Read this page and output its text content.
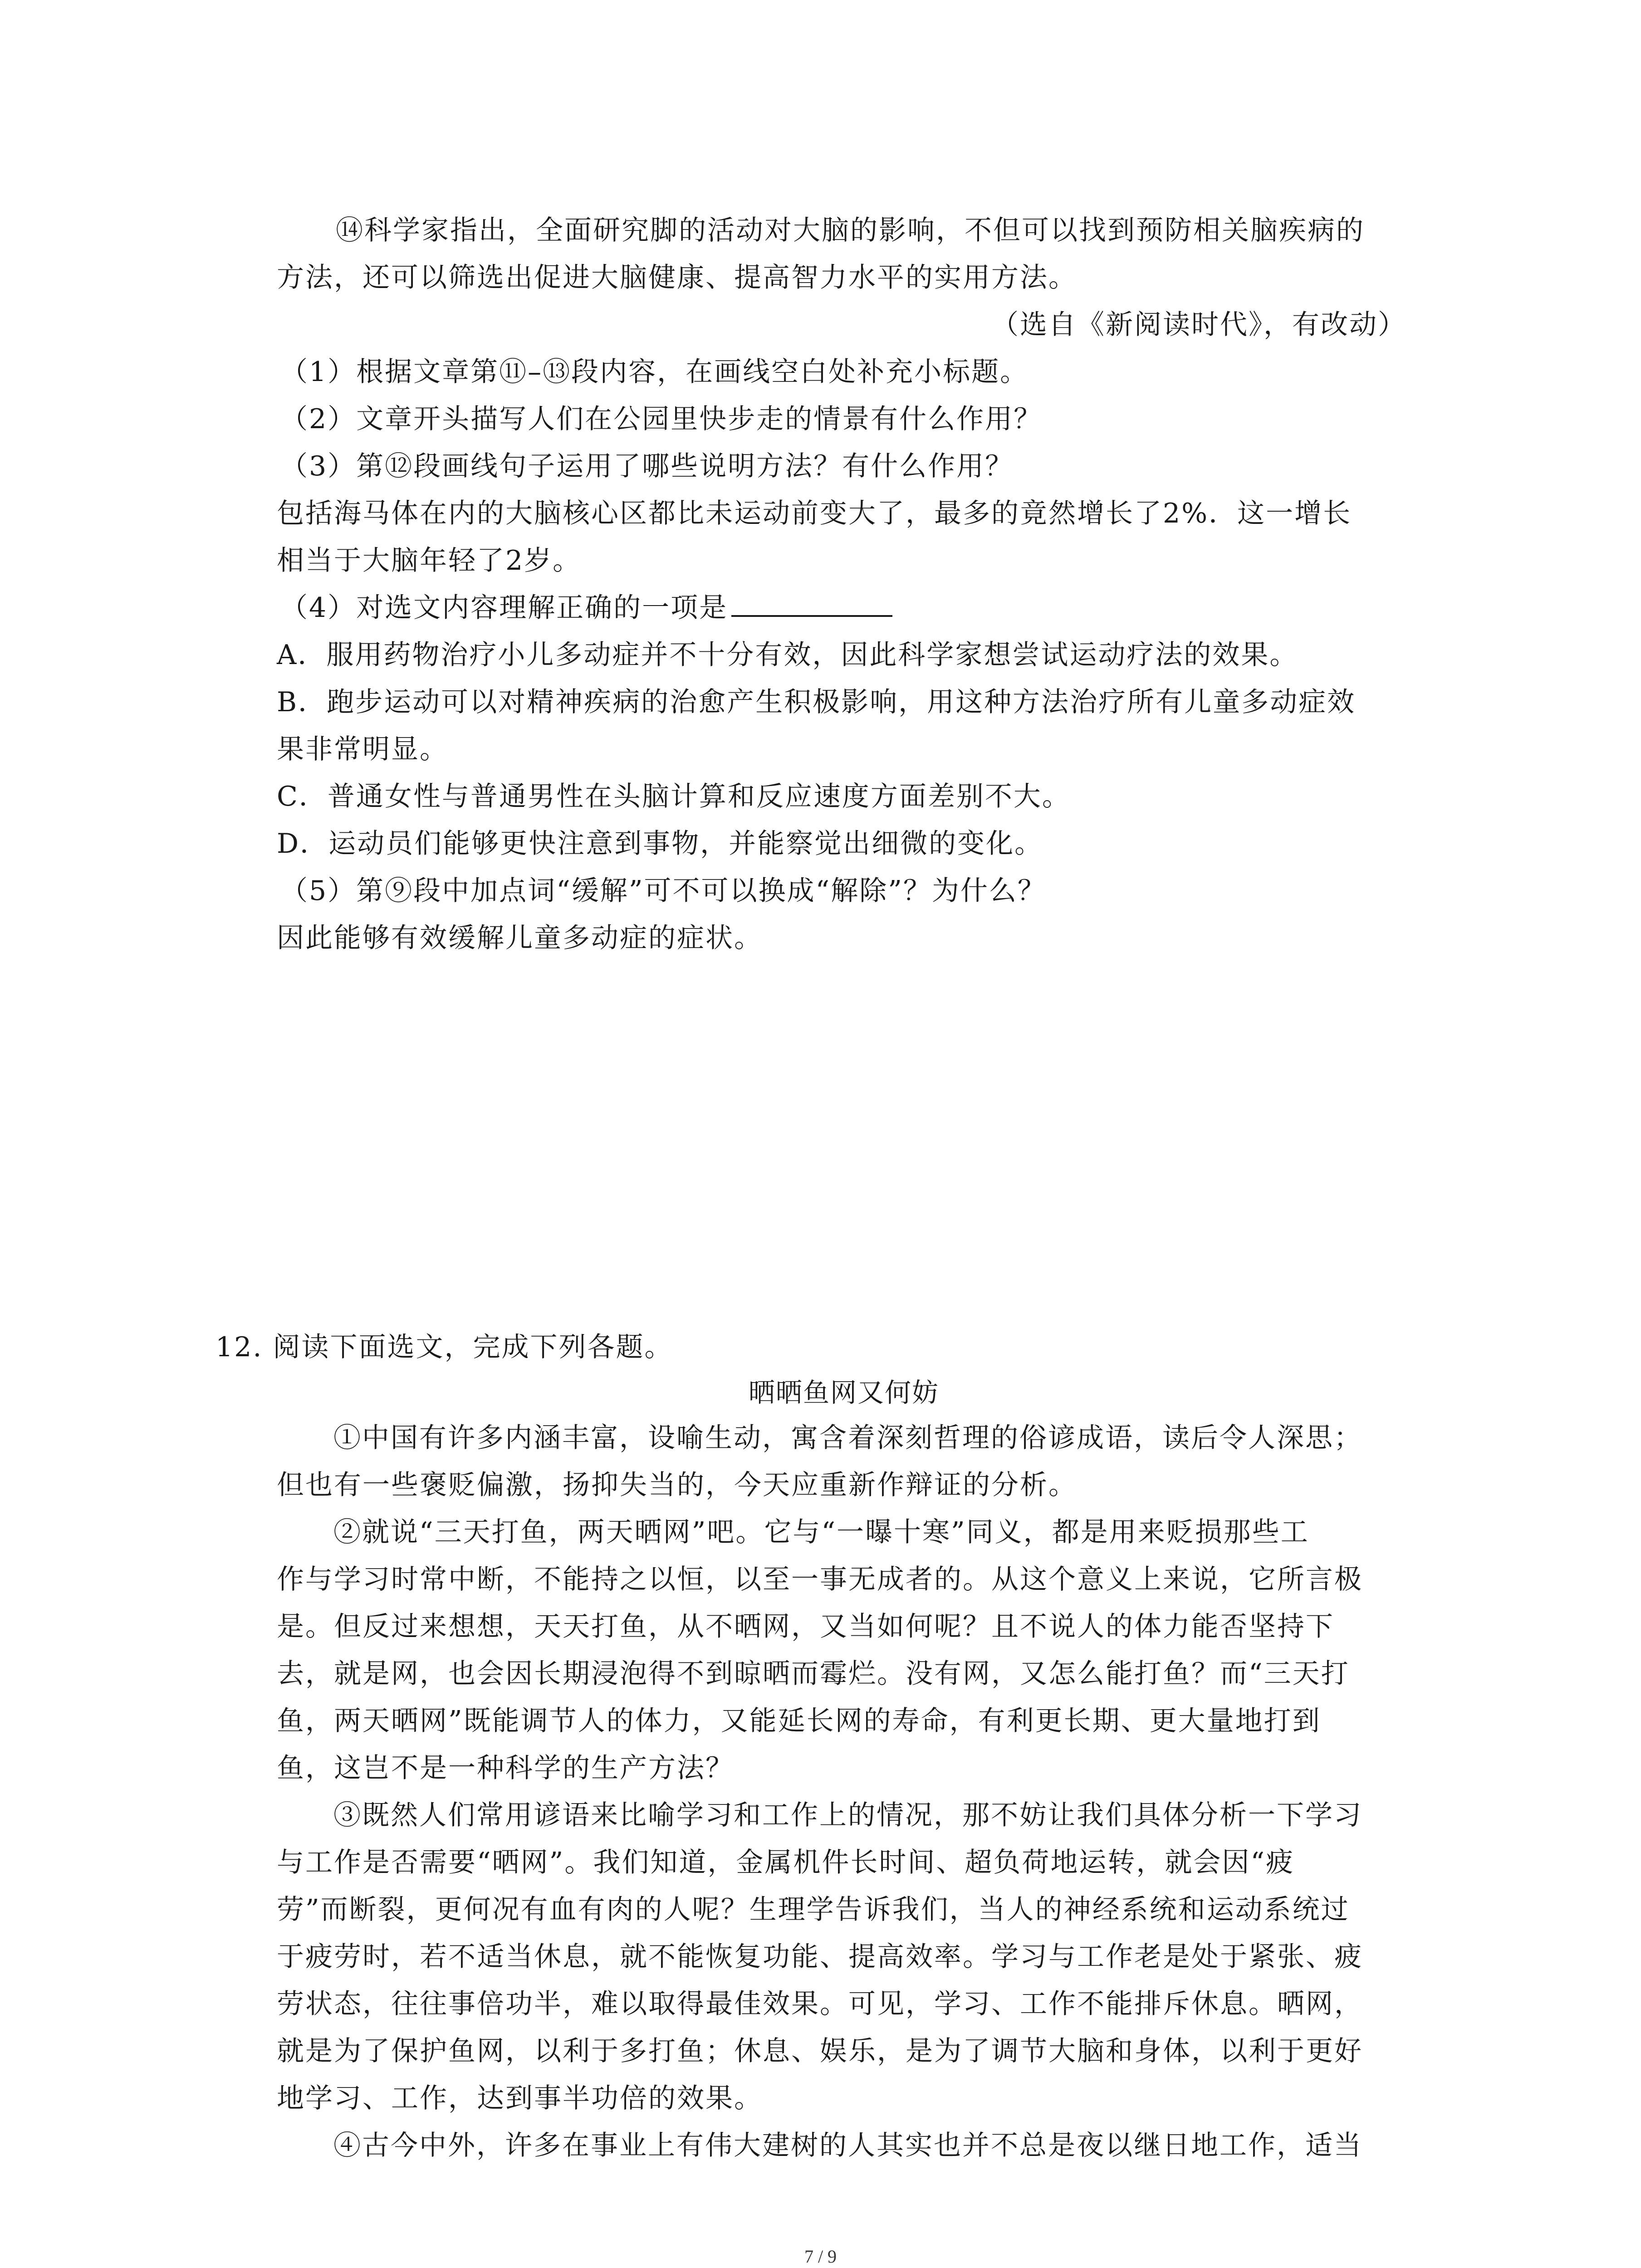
⑭科学家指出，全面研究脚的活动对大脑的影响，不但可以找到预防相关脑疾病的
方法，还可以筛选出促进大脑健康、提高智力水平的实用方法。
（选自《新阅读时代》，有改动）
（1）根据文章第⑪–⑬段内容，在画线空白处补充小标题。
（2）文章开头描写人们在公园里快步走的情景有什么作用？
（3）第⑫段画线句子运用了哪些说明方法？有什么作用？
包括海马体在内的大脑核心区都比未运动前变大了，最多的竟然增长了2%．这一增长
相当于大脑年轻了2岁。
（4）对选文内容理解正确的一项是
A．服用药物治疗小儿多动症并不十分有效，因此科学家想尝试运动疗法的效果。
B．跑步运动可以对精神疾病的治愈产生积极影响，用这种方法治疗所有儿童多动症效
果非常明显。
C．普通女性与普通男性在头脑计算和反应速度方面差别不大。
D．运动员们能够更快注意到事物，并能察觉出细微的变化。
（5）第⑨段中加点词“缓解”可不可以换成“解除”？为什么？
因此能够有效缓解儿童多动症的症状。
12. 阅读下面选文，完成下列各题。
晒晒鱼网又何妨
①中国有许多内涵丰富，设喻生动，寓含着深刻哲理的俗谚成语，读后令人深思；
但也有一些褒贬偏激，扬抑失当的，今天应重新作辩证的分析。
②就说“三天打鱼，两天晒网”吧。它与“一曝十寒”同义，都是用来贬损那些工
作与学习时常中断，不能持之以恒，以至一事无成者的。从这个意义上来说，它所言极
是。但反过来想想，天天打鱼，从不晒网，又当如何呢？且不说人的体力能否坚持下
去，就是网，也会因长期浸泡得不到晾晒而霉烂。没有网，又怎么能打鱼？而“三天打
鱼，两天晒网”既能调节人的体力，又能延长网的寿命，有利更长期、更大量地打到
鱼，这岂不是一种科学的生产方法？
③既然人们常用谚语来比喻学习和工作上的情况，那不妨让我们具体分析一下学习
与工作是否需要“晒网”。我们知道，金属机件长时间、超负荷地运转，就会因“疲
劳”而断裂，更何况有血有肉的人呢？生理学告诉我们，当人的神经系统和运动系统过
于疲劳时，若不适当休息，就不能恢复功能、提高效率。学习与工作老是处于紧张、疲
劳状态，往往事倍功半，难以取得最佳效果。可见，学习、工作不能排斥休息。晒网，
就是为了保护鱼网，以利于多打鱼；休息、娱乐，是为了调节大脑和身体，以利于更好
地学习、工作，达到事半功倍的效果。
④古今中外，许多在事业上有伟大建树的人其实也并不总是夜以继日地工作，适当
7 / 9
